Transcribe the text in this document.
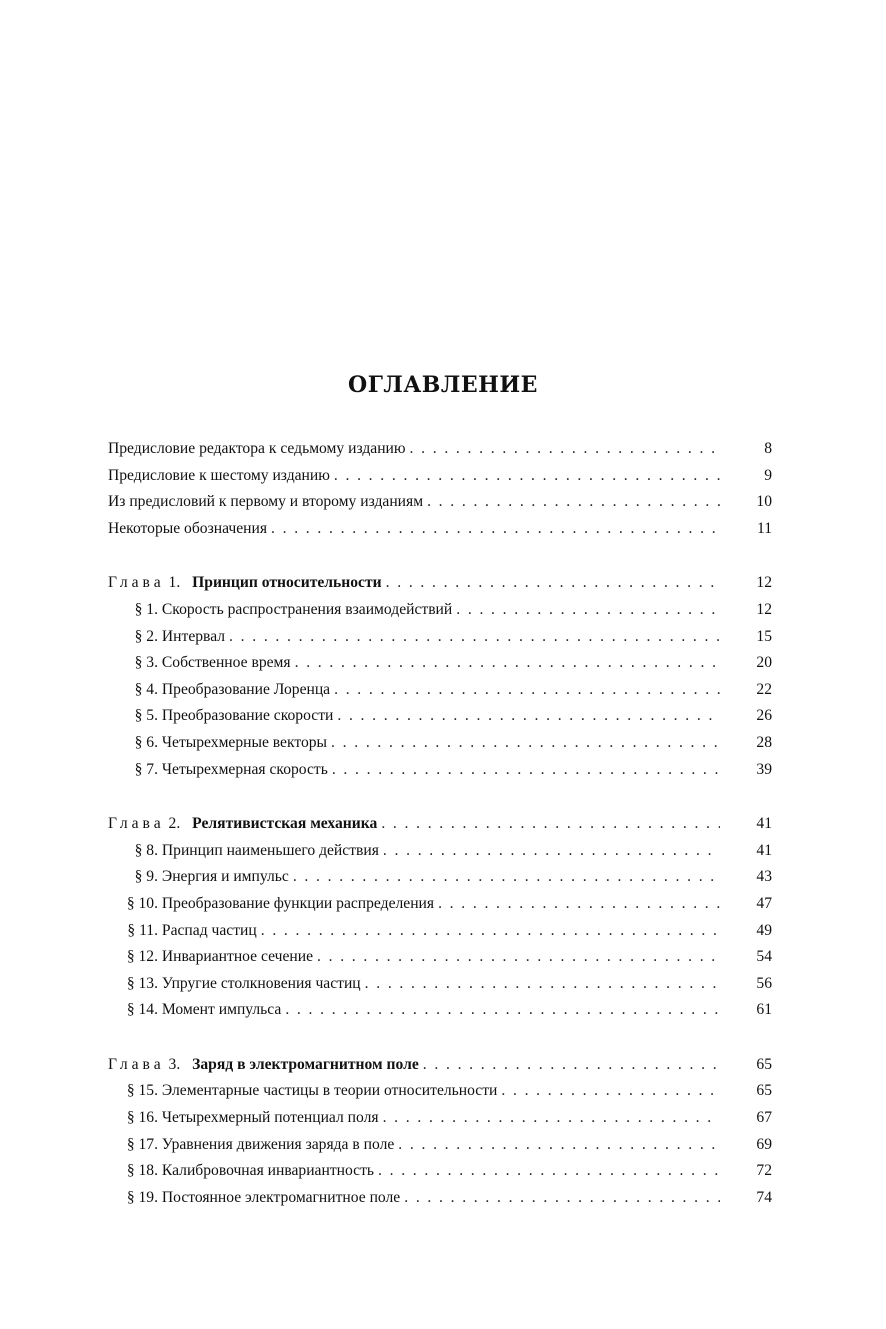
ОГЛАВЛЕНИЕ
Предисловие редактора к седьмому изданию . . .	8
Предисловие к шестому изданию . . .	9
Из предисловий к первому и второму изданиям . . .	10
Некоторые обозначения . . .	11
Глава 1. Принцип относительности . . .	12
§ 1. Скорость распространения взаимодействий . . .	12
§ 2. Интервал . . .	15
§ 3. Собственное время . . .	20
§ 4. Преобразование Лоренца . . .	22
§ 5. Преобразование скорости . . .	26
§ 6. Четырехмерные векторы . . .	28
§ 7. Четырехмерная скорость . . .	39
Глава 2. Релятивистская механика . . .	41
§ 8. Принцип наименьшего действия . . .	41
§ 9. Энергия и импульс . . .	43
§ 10. Преобразование функции распределения . . .	47
§ 11. Распад частиц . . .	49
§ 12. Инвариантное сечение . . .	54
§ 13. Упругие столкновения частиц . . .	56
§ 14. Момент импульса . . .	61
Глава 3. Заряд в электромагнитном поле . . .	65
§ 15. Элементарные частицы в теории относительности . . .	65
§ 16. Четырехмерный потенциал поля . . .	67
§ 17. Уравнения движения заряда в поле . . .	69
§ 18. Калибровочная инвариантность . . .	72
§ 19. Постоянное электромагнитное поле . . .	74
